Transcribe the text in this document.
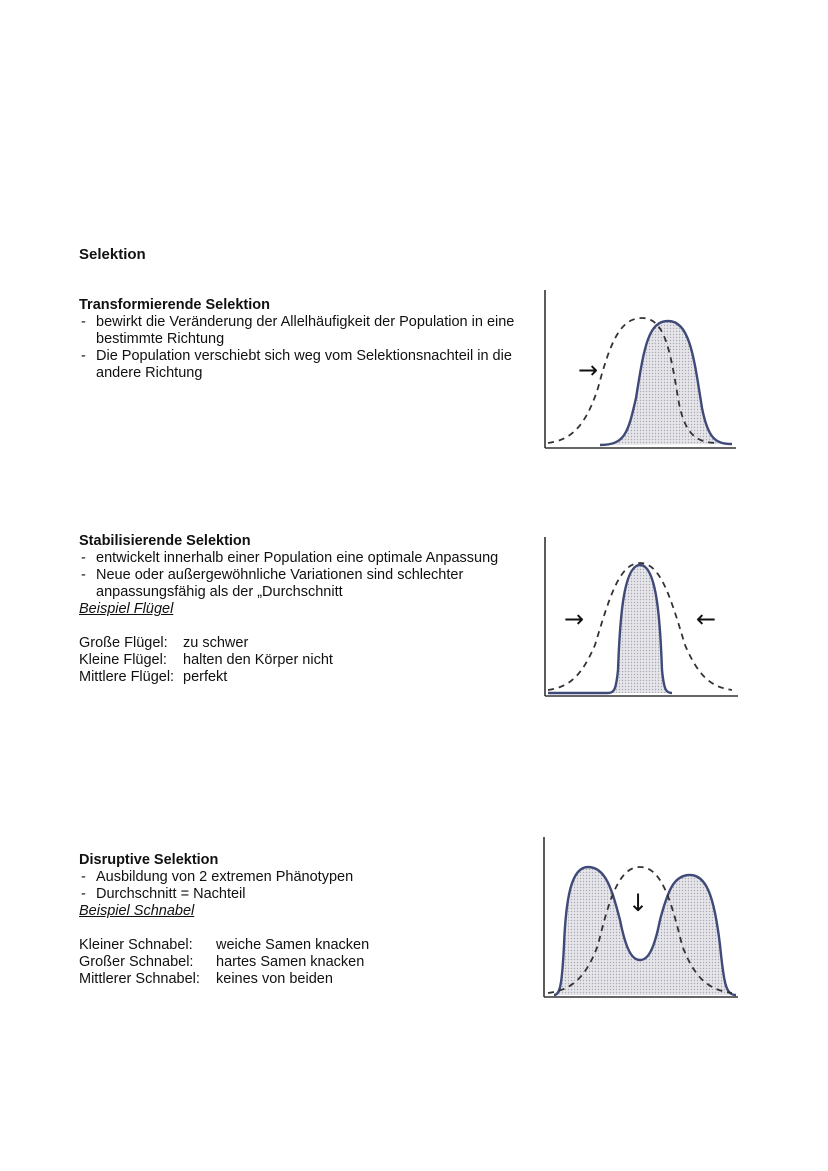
Selektion
Transformierende Selektion
- bewirkt die Veränderung der Allelhäufigkeit der Population in eine bestimmte Richtung
- Die Population verschiebt sich weg vom Selektionsnachteil in die andere Richtung
Stabilisierende Selektion
- entwickelt innerhalb einer Population eine optimale Anpassung
- Neue oder außergewöhnliche Variationen sind schlechter anpassungsfähig als der „Durchschnitt
Beispiel Flügel
Große Flügel:	zu schwer
Kleine Flügel:	halten den Körper nicht
Mittlere Flügel: perfekt
Disruptive Selektion
- Ausbildung von 2 extremen Phänotypen
- Durchschnitt = Nachteil
Beispiel Schnabel
Kleiner Schnabel:	weiche Samen knacken
Großer Schnabel:	hartes Samen knacken
Mittlerer Schnabel:	keines von beiden
→
→	←
↓
